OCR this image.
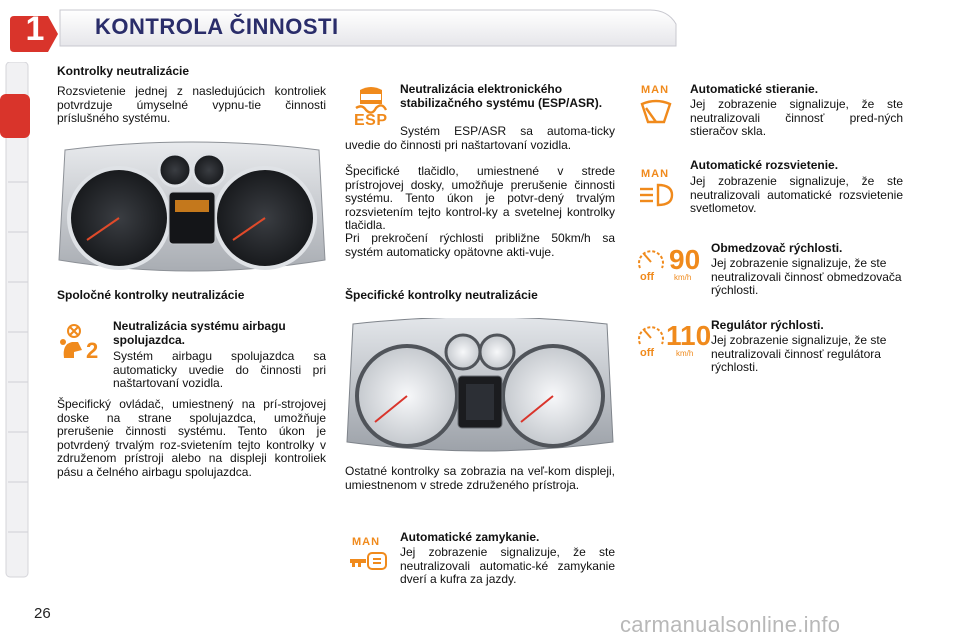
1 KONTROLA ČINNOSTI
Kontrolky neutralizácie
Rozsvietenie jednej z nasledujúcich kontroliek potvrdzuje úmyselné vypnu-tie činnosti príslušného systému.
Spoločné kontrolky neutralizácie
2
Neutralizácia systému airbagu spolujazdca.
Systém airbagu spolujazdca sa automaticky uvedie do činnosti pri naštartovaní vozidla.
Špecifický ovládač, umiestnený na prí-strojovej doske na strane spolujazdca, umožňuje prerušenie činnosti systému. Tento úkon je potvrdený trvalým roz-svietením tejto kontrolky v združenom prístroji alebo na displeji kontroliek pásu a čelného airbagu spolujazdca.
ESP
Neutralizácia elektronického stabilizačného systému (ESP/ASR).
Systém ESP/ASR sa automa-ticky uvedie do činnosti pri naštartovaní vozidla.
Špecifické tlačidlo, umiestnené v strede prístrojovej dosky, umožňuje prerušenie činnosti systému. Tento úkon je potvr-dený trvalým rozsvietením tejto kontrol-ky a svetelnej kontrolky tlačidla.
Pri prekročení rýchlosti približne 50km/h sa systém automaticky opätovne akti-vuje.
Špecifické kontrolky neutralizácie
Ostatné kontrolky sa zobrazia na veľ-kom displeji, umiestnenom v strede združeného prístroja.
MAN Automatické zamykanie.
Jej zobrazenie signalizuje, že ste neutralizovali automatic-ké zamykanie dverí a kufra za jazdy.
MAN Automatické stieranie.
Jej zobrazenie signalizuje, že ste neutralizovali činnosť pred-ných stieračov skla.
MAN
Automatické rozsvietenie.
Jej zobrazenie signalizuje, že ste neutralizovali automatické rozsvietenie svetlometov.
off
90
km/h
Obmedzovač rýchlosti.
Jej zobrazenie signalizuje, že ste neutralizovali činnosť obmedzovača rýchlosti.
off
110
km/h
Regulátor rýchlosti.
Jej zobrazenie signalizuje, že ste neutralizovali činnosť regulátora rýchlosti.
26	carmanualsonline.info
